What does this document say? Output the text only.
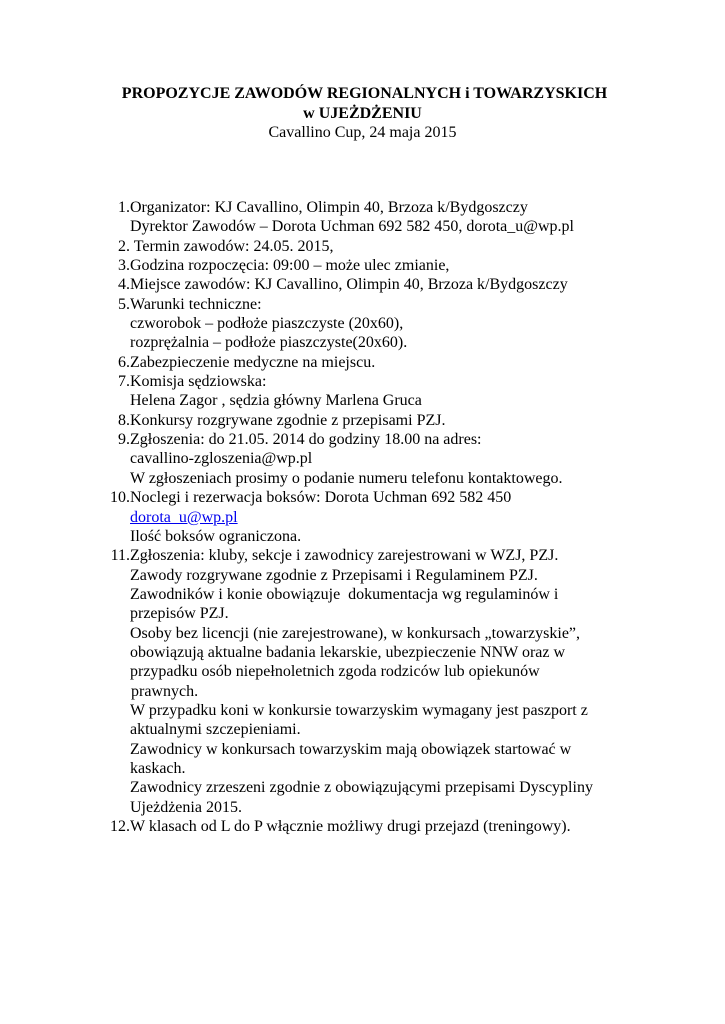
PROPOZYCJE ZAWODÓW REGIONALNYCH i TOWARZYSKICH
w UJEŻDŻENIU
Cavallino Cup, 24 maja 2015
1. Organizator: KJ Cavallino, Olimpin 40, Brzoza k/Bydgoszczy
Dyrektor Zawodów – Dorota Uchman 692 582 450, dorota_u@wp.pl
2. Termin zawodów: 24.05. 2015,
3. Godzina rozpoczęcia: 09:00 – może ulec zmianie,
4. Miejsce zawodów: KJ Cavallino, Olimpin 40, Brzoza k/Bydgoszczy
5. Warunki techniczne:
czworobok – podłoże piaszczyste (20x60),
rozprężalnia – podłoże piaszczyste(20x60).
6. Zabezpieczenie medyczne na miejscu.
7. Komisja sędziowska:
Helena Zagor , sędzia główny Marlena Gruca
8. Konkursy rozgrywane zgodnie z przepisami PZJ.
9. Zgłoszenia: do 21.05. 2014 do godziny 18.00 na adres:
cavallino-zgloszenia@wp.pl
W zgłoszeniach prosimy o podanie numeru telefonu kontaktowego.
10. Noclegi i rezerwacja boksów: Dorota Uchman 692 582 450
dorota_u@wp.pl
Ilość boksów ograniczona.
11. Zgłoszenia: kluby, sekcje i zawodnicy zarejestrowani w WZJ, PZJ.
Zawody rozgrywane zgodnie z Przepisami i Regulaminem PZJ.
Zawodników i konie obowiązuje  dokumentacja wg regulaminów i
przepisów PZJ.
Osoby bez licencji (nie zarejestrowane), w konkursach „towarzyskie”,
obowiązują aktualne badania lekarskie, ubezpieczenie NNW oraz w
przypadku osób niepełnoletnich zgoda rodziców lub opiekunów
prawnych.
W przypadku koni w konkursie towarzyskim wymagany jest paszport z
aktualnymi szczepieniami.
Zawodnicy w konkursach towarzyskim mają obowiązek startować w
kaskach.
Zawodnicy zrzeszeni zgodnie z obowiązującymi przepisami Dyscypliny
Ujeżdżenia 2015.
12. W klasach od L do P włącznie możliwy drugi przejazd (treningowy).
